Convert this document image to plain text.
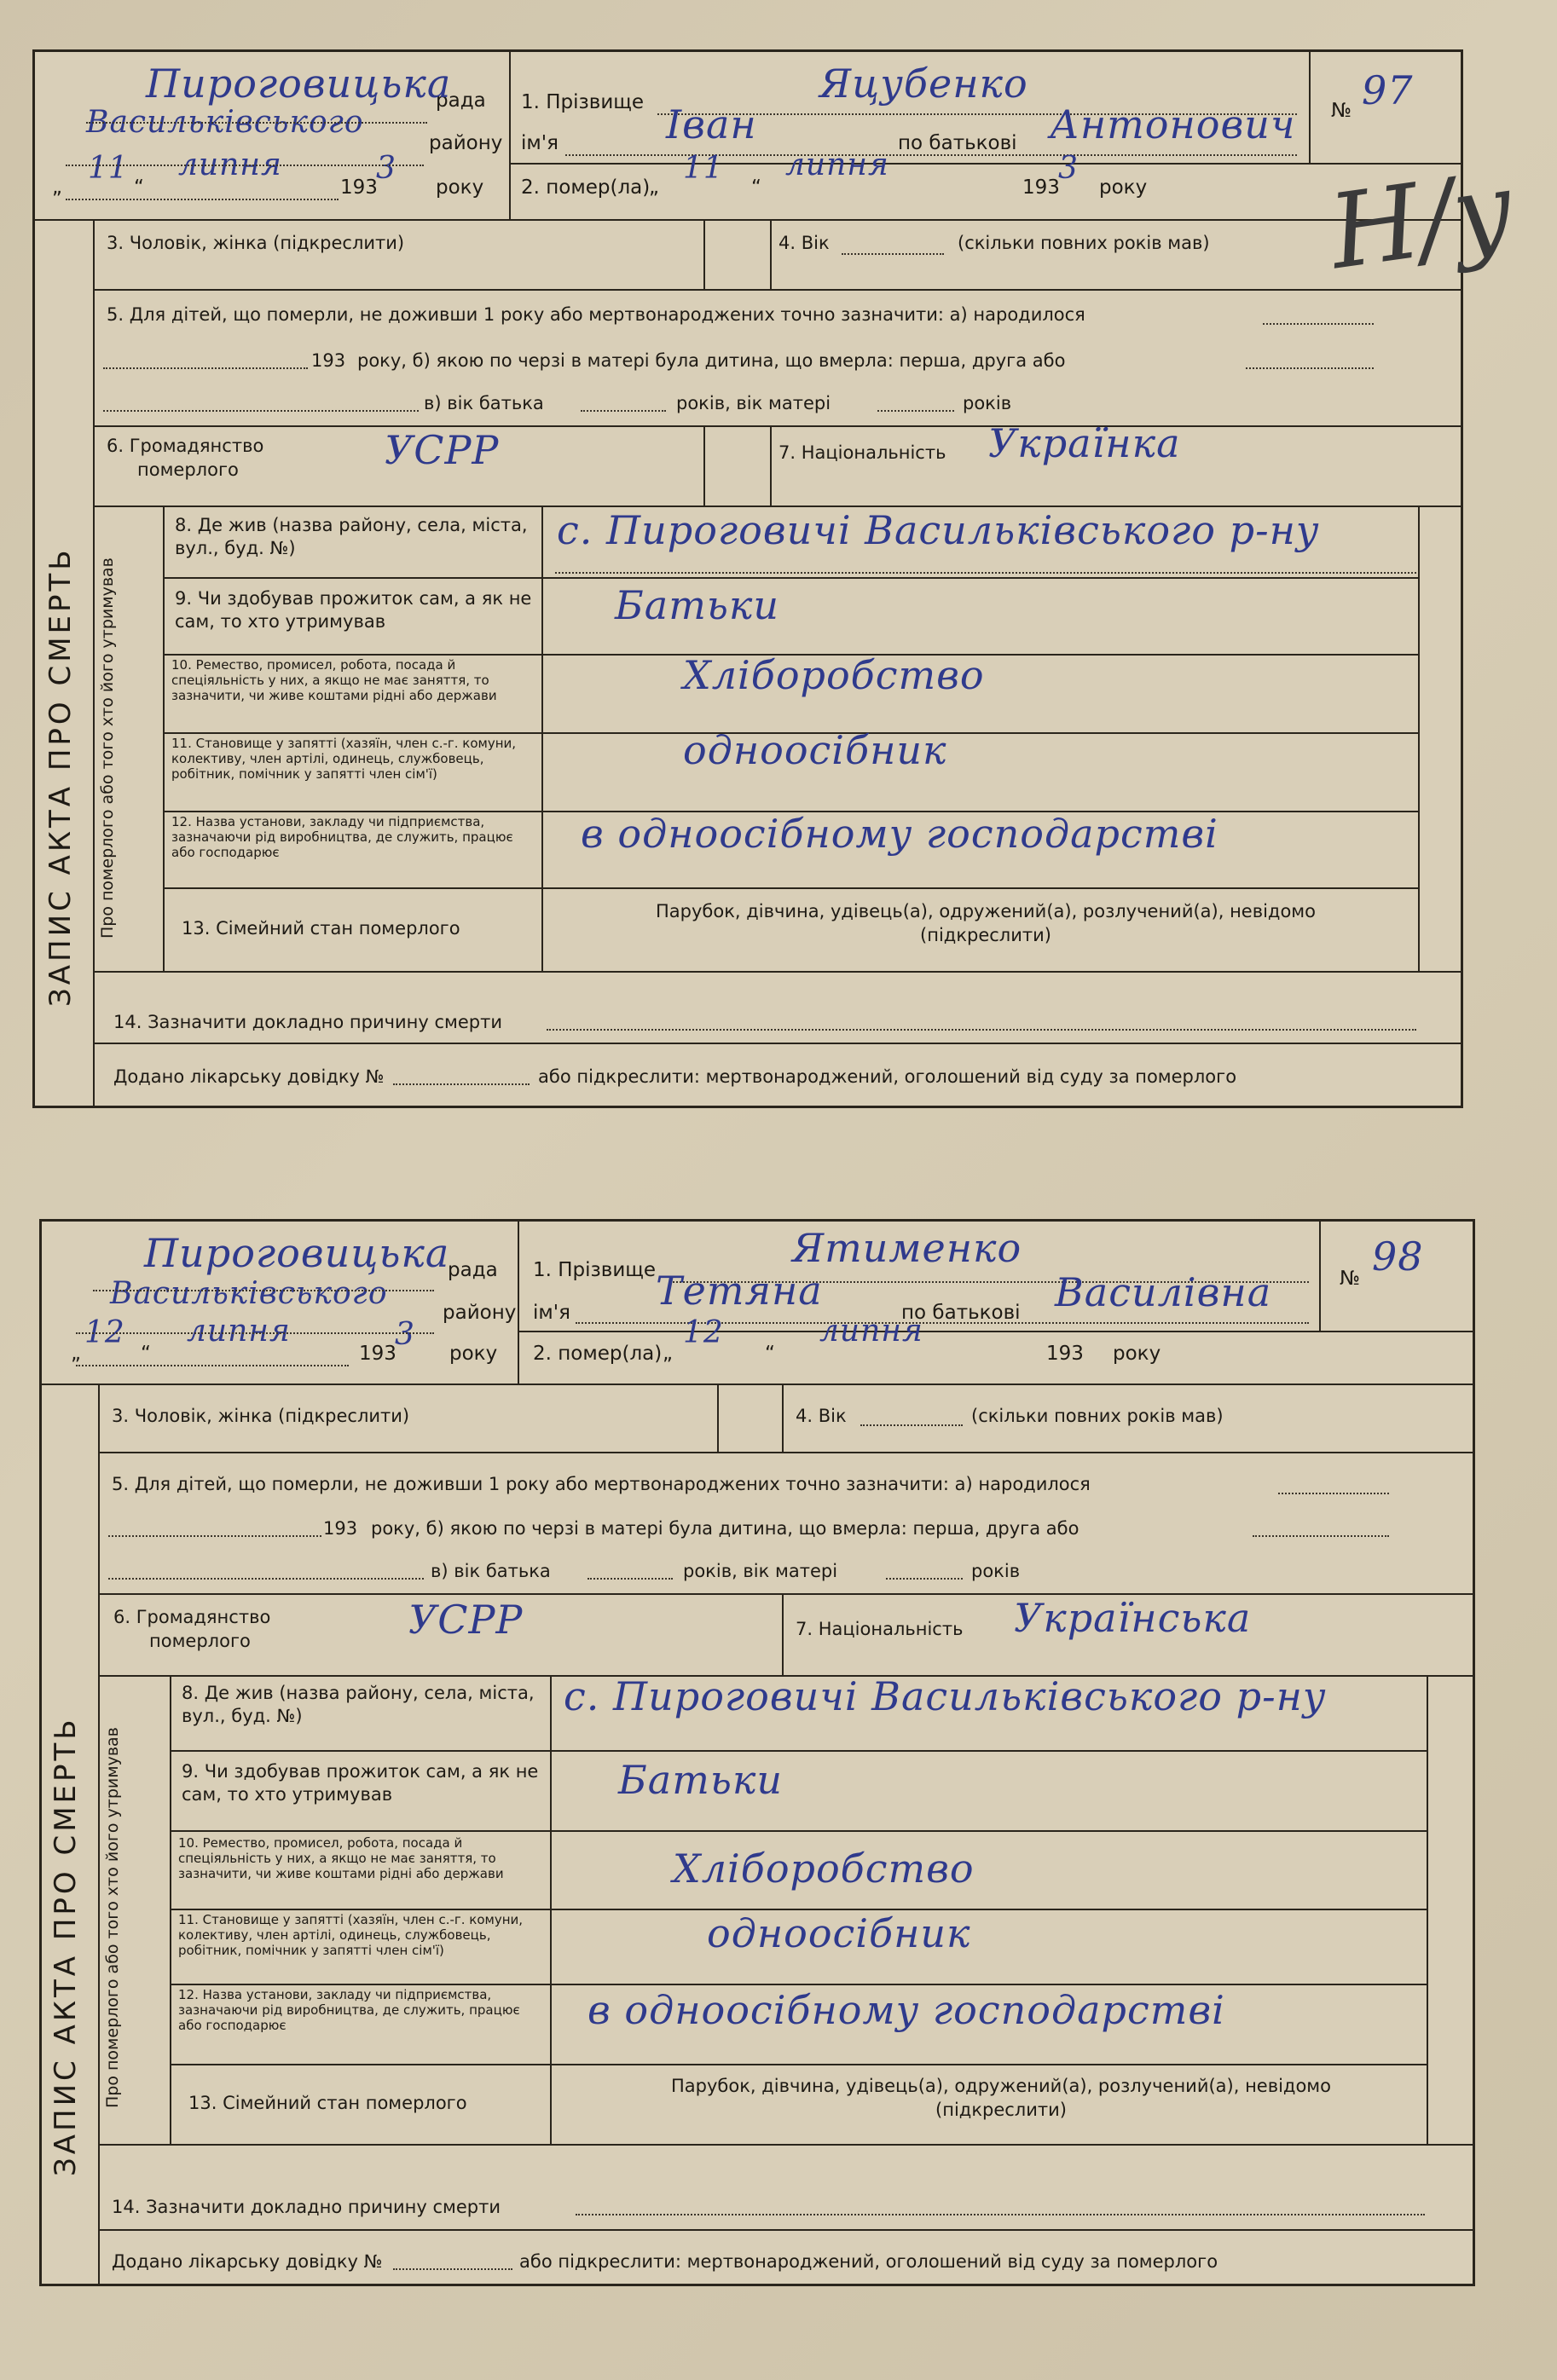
рада
Пироговицька
району
Васильківського
„
11
“
липня
193
3
року
1. Прізвище	Яцубенко
ім'я	Іван	по батькові Антонович
2. помер(ла)
„
11
“
липня
193
3
року
№ 97
ЗАПИС АКТА ПРО СМЕРТЬ
3. Чоловік, жінка (підкреслити)	4. Вік	(скільки повних років мав)
5. Для дітей, що померли, не доживши 1 року або мертвонароджених точно зазначити: а) народилося
193 року, б) якою по черзі в матері була дитина, що вмерла: перша, друга або
в) вік батька	років, вік матері	років
6. Громадянство
померлого	УСРР	7. Національність Українка
Про померлого або того хто його утримував
8. Де жив (назва району, села, міста, вул., буд. №)	с. Пироговичі Васильківського р-ну
9. Чи здобував прожиток сам, а як не сам, то хто утримував	Батьки
10. Ремество, промисел, робота, посада й спеціяльність у них, а якщо не має заняття, то зазначити, чи живе коштами рідні або держави	Хліборобство
11. Становище у запятті (хазяїн, член с.-г. комуни, колективу, член артілі, одинець, службовець, робітник, помічник у запятті член сім'ї)
одноосібник
12. Назва установи, закладу чи підприємства, зазначаючи рід виробництва, де служить, працює або господарює	в одноосібному господарстві
13. Сімейний стан померлого
Парубок, дівчина, удівець(а), одружений(а), розлучений(а), невідомо (підкреслити)
14. Зазначити докладно причину смерти
Додано лікарську довідку №	або підкреслити: мертвонароджений, оголошений від суду за померлого
Н/у
рада
Пироговицька
району
Васильківського
„
12
“
липня
193
3
року
1. Прізвище	Ятименко
ім'я Тетяна	по батькові Василівна
2. помер(ла) „
12
“
липня
193 року
№ 98
ЗАПИС АКТА ПРО СМЕРТЬ
3. Чоловік, жінка (підкреслити)	4. Вік	(скільки повних років мав)
5. Для дітей, що померли, не доживши 1 року або мертвонароджених точно зазначити: а) народилося
193 року, б) якою по черзі в матері була дитина, що вмерла: перша, друга або
в) вік батька	років, вік матері	років
6. Громадянство
померлого	УСРР	7. Національність Українська
Про померлого або того хто його утримував
8. Де жив (назва району, села, міста, вул., буд. №)	с. Пироговичі Васильківського р-ну
9. Чи здобував прожиток сам, а як не сам, то хто утримував	Батьки
10. Ремество, промисел, робота, посада й спеціяльність у них, а якщо не має заняття, то зазначити, чи живе коштами рідні або держави	Хліборобство
11. Становище у запятті (хазяїн, член с.-г. комуни, колективу, член артілі, одинець, службовець, робітник, помічник у запятті член сім'ї)	одноосібник
12. Назва установи, закладу чи підприємства, зазначаючи рід виробництва, де служить, працює або господарює	в одноосібному господарстві
13. Сімейний стан померлого
Парубок, дівчина, удівець(а), одружений(а), розлучений(а), невідомо (підкреслити)
14. Зазначити докладно причину смерти
Додано лікарську довідку №	або підкреслити: мертвонароджений, оголошений від суду за померлого
